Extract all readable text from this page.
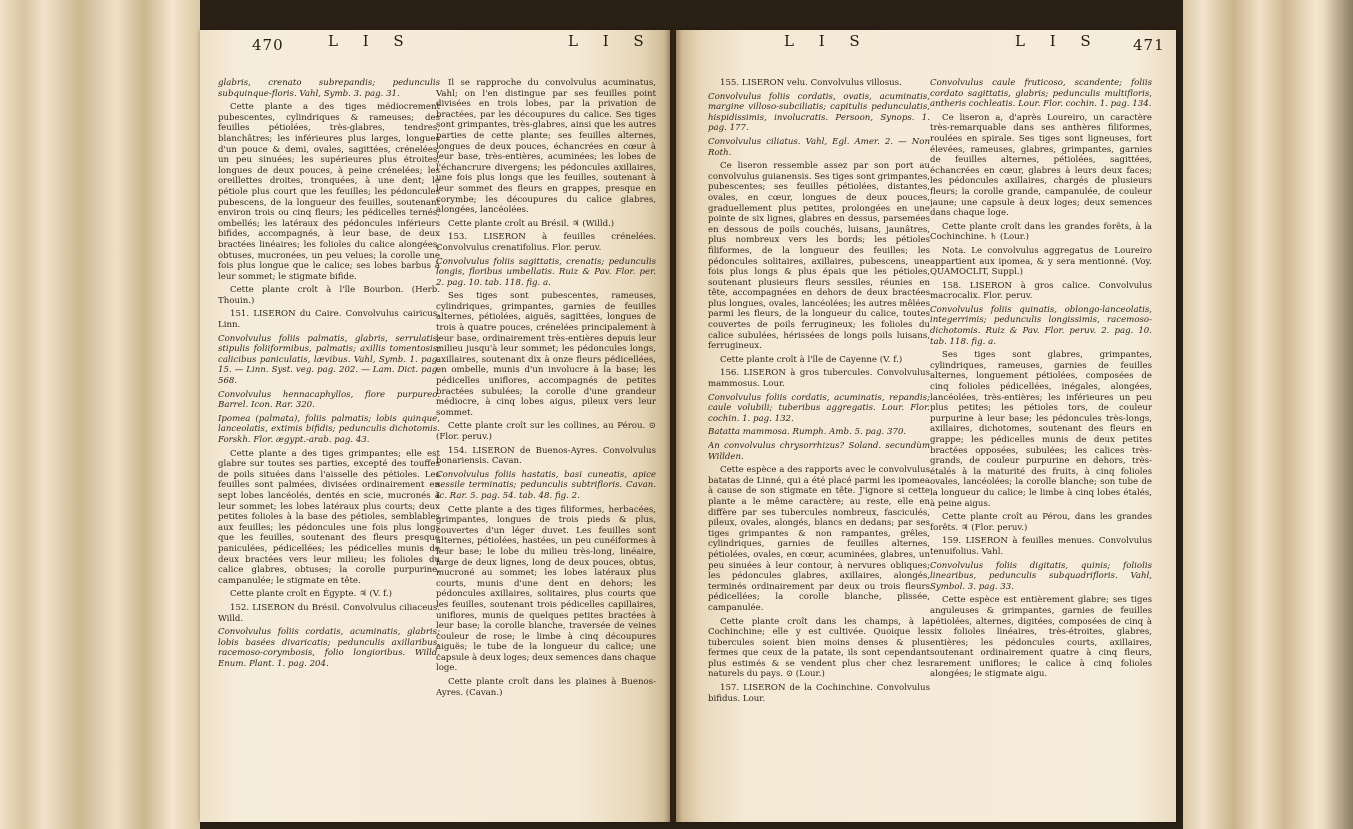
470	L I S	L I S	L I S	L I S 471

glabris, crenato subrepandis; pedunculis subquinque-floris. Vahl, Symb. 3. pag. 31.

Cette plante a des tiges médiocrement pubescentes, cylindriques & rameuses; des feuilles pétiolées, très-glabres, tendres, blanchâtres; les inférieures plus larges, longues d'un pouce & demi, ovales, sagittées, crénelées, un peu sinuées; les supérieures plus étroites, longues de deux pouces, à peine crénelées; les oreillettes droites, tronquées, à une dent; le pétiole plus court que les feuilles; les pédoncules pubescens, de la longueur des feuilles, soutenant environ trois ou cinq fleurs; les pédicelles ternés, ombellés; les latéraux des pédoncules inférieurs bifides, accompagnés, à leur base, de deux bractées linéaires; les folioles du calice alongées, obtuses, mucronées, un peu velues; la corolle une fois plus longue que le calice; ses lobes barbus à leur sommet; le stigmate bifide.

Cette plante croît à l'île Bourbon. (Herb. Thouin.)

151. LISERON du Caire. Convolvulus cairicus. Linn.

Convolvulus foliis palmatis, glabris, serrulatis; stipulis foliiformibus, palmatis; axillis tomentosis; calicibus paniculatis, lævibus. Vahl, Symb. 1. pag. 15. — Linn. Syst. veg. pag. 202. — Lam. Dict. pag. 568.

Convolvulus hennacaphyllos, flore purpureo. Barrel. Icon. Rar. 320.

Ipomea (palmata), foliis palmatis; lobis quinque, lanceolatis, extimis bifidis; pedunculis dichotomis. Forskh. Flor. ægypt.-arab. pag. 43.

Cette plante a des tiges grimpantes; elle est glabre sur toutes ses parties, excepté des touffes de poils situées dans l'aisselle des pétioles. Les feuilles sont palmées, divisées ordinairement en sept lobes lancéolés, dentés en scie, mucronés à leur sommet; les lobes latéraux plus courts; deux petites folioles à la base des pétioles, semblables aux feuilles; les pédoncules une fois plus longs que les feuilles, soutenant des fleurs presque paniculées, pédicellées; les pédicelles munis de deux bractées vers leur milieu; les folioles du calice glabres, obtuses; la corolle purpurine, campanulée; le stigmate en tête.

Cette plante croît en Égypte. ♃ (V. f.)

152. LISERON du Brésil. Convolvulus ciliaceus. Willd.

Convolvulus foliis cordatis, acuminatis, glabris; lobis basées divaricatis; pedunculis axillaribus, racemoso-corymbosis, folio longioribus. Willd. Enum. Plant. 1. pag. 204.

Il se rapproche du convolvulus acuminatus, Vahl; on l'en distingue par ses feuilles point divisées en trois lobes, par la privation de bractées, par les découpures du calice. Ses tiges sont grimpantes, très-glabres, ainsi que les autres parties de cette plante; ses feuilles alternes, longues de deux pouces, échancrées en cœur à leur base, très-entières, acuminées; les lobes de l'échancrure divergens; les pédoncules axillaires, une fois plus longs que les feuilles, soutenant à leur sommet des fleurs en grappes, presque en corymbe; les découpures du calice glabres, alongées, lancéolées.

Cette plante croît au Brésil. ♃ (Willd.)

153. LISERON à feuilles crénelées. Convolvulus crenatifolius. Flor. peruv.

Convolvulus foliis sagittatis, crenatis; pedunculis longis, floribus umbellatis. Ruiz & Pav. Flor. per. 2. pag. 10. tab. 118. fig. a.

Ses tiges sont pubescentes, rameuses, cylindriques, grimpantes, garnies de feuilles alternes, pétiolées, aiguës, sagittées, longues de trois à quatre pouces, crénelées principalement à leur base, ordinairement très-entières depuis leur milieu jusqu'à leur sommet; les pédoncules longs, axillaires, soutenant dix à onze fleurs pédicellées, en ombelle, munis d'un involucre à la base; les pédicelles uniflores, accompagnés de petites bractées subulées; la corolle d'une grandeur médiocre, à cinq lobes aigus, pileux vers leur sommet.

Cette plante croît sur les collines, au Pérou. ⊙ (Flor. peruv.)

154. LISERON de Buenos-Ayres. Convolvulus bonariensis. Cavan.

Convolvulus foliis hastatis, basi cuneatis, apice sessile terminatis; pedunculis subtrifloris. Cavan. Ic. Rar. 5. pag. 54. tab. 48. fig. 2.

Cette plante a des tiges filiformes, herbacées, grimpantes, longues de trois pieds & plus, couvertes d'un léger duvet. Les feuilles sont alternes, pétiolées, hastées, un peu cunéiformes à leur base; le lobe du milieu très-long, linéaire, large de deux lignes, long de deux pouces, obtus, mucroné au sommet; les lobes latéraux plus courts, munis d'une dent en dehors; les pédoncules axillaires, solitaires, plus courts que les feuilles, soutenant trois pédicelles capillaires, uniflores, munis de quelques petites bractées à leur base; la corolle blanche, traversée de veines couleur de rose; le limbe à cinq découpures aiguës; le tube de la longueur du calice; une capsule à deux loges; deux semences dans chaque loge.

Cette plante croît dans les plaines à Buenos-Ayres. (Cavan.)

155. LISERON velu. Convolvulus villosus.

Convolvulus foliis cordatis, ovatis, acuminatis, margine villoso-subciliatis; capitulis pedunculatis, hispidissimis, involucratis. Persoon, Synops. 1. pag. 177.

Convolvulus ciliatus. Vahl, Egl. Amer. 2. — Non Roth.

Ce liseron ressemble assez par son port au convolvulus guianensis. Ses tiges sont grimpantes, pubescentes; ses feuilles pétiolées, distantes, ovales, en cœur, longues de deux pouces, graduellement plus petites, prolongées en une pointe de six lignes, glabres en dessus, parsemées en dessous de poils couchés, luisans, jaunâtres, plus nombreux vers les bords; les pétioles filiformes, de la longueur des feuilles; les pédoncules solitaires, axillaires, pubescens, une fois plus longs & plus épais que les pétioles, soutenant plusieurs fleurs sessiles, réunies en tête, accompagnées en dehors de deux bractées plus longues, ovales, lancéolées; les autres mêlées parmi les fleurs, de la longueur du calice, toutes couvertes de poils ferrugineux; les folioles du calice subulées, hérissées de longs poils luisans, ferrugineux.

Cette plante croît à l'île de Cayenne (V. f.)

156. LISERON à gros tubercules. Convolvulus mammosus. Lour.

Convolvulus foliis cordatis, acuminatis, repandis; caule volubili; tuberibus aggregatis. Lour. Flor. cochin. 1. pag. 132.

Batatta mammosa. Rumph. Amb. 5. pag. 370.

An convolvulus chrysorrhizus? Soland. secundùm Willden.

Cette espèce a des rapports avec le convolvulus batatas de Linné, qui a été placé parmi les ipomea à cause de son stigmate en tête. J'ignore si cette plante a le même caractère; au reste, elle en diffère par ses tubercules nombreux, fasciculés, pileux, ovales, alongés, blancs en dedans; par ses tiges grimpantes & non rampantes, grêles, cylindriques, garnies de feuilles alternes, pétiolées, ovales, en cœur, acuminées, glabres, un peu sinuées à leur contour, à nervures obliques; les pédoncules glabres, axillaires, alongés, terminés ordinairement par deux ou trois fleurs pédicellées; la corolle blanche, plissée, campanulée.

Cette plante croît dans les champs, à la Cochinchine; elle y est cultivée. Quoique les tubercules soient bien moins denses & plus fermes que ceux de la patate, ils sont cependant plus estimés & se vendent plus cher chez les naturels du pays. ⊙ (Lour.)

157. LISERON de la Cochinchine. Convolvulus bifidus. Lour.

Convolvulus caule fruticoso, scandente; foliis cordato sagittatis, glabris; pedunculis multifloris, antheris cochleatis. Lour. Flor. cochin. 1. pag. 134.

Ce liseron a, d'après Loureiro, un caractère très-remarquable dans ses anthères filiformes, roulées en spirale. Ses tiges sont ligneuses, fort élevées, rameuses, glabres, grimpantes, garnies de feuilles alternes, pétiolées, sagittées, échancrées en cœur, glabres à leurs deux faces; les pédoncules axillaires, chargés de plusieurs fleurs; la corolle grande, campanulée, de couleur jaune; une capsule à deux loges; deux semences dans chaque loge.

Cette plante croît dans les grandes forêts, à la Cochinchine. ♄ (Lour.)

Nota. Le convolvulus aggregatus de Loureiro appartient aux ipomea, & y sera mentionné. (Voy. QUAMOCLIT, Suppl.)

158. LISERON à gros calice. Convolvulus macrocalix. Flor. peruv.

Convolvulus foliis quinatis, oblongo-lanceolatis, integerrimis; pedunculis longissimis, racemoso-dichotomis. Ruiz & Pav. Flor. peruv. 2. pag. 10. tab. 118. fig. a.

Ses tiges sont glabres, grimpantes, cylindriques, rameuses, garnies de feuilles alternes, longuement pétiolées, composées de cinq folioles pédicellées, inégales, alongées, lancéolées, très-entières; les inférieures un peu plus petites; les pétioles tors, de couleur purpurine à leur base; les pédoncules très-longs, axillaires, dichotomes, soutenant des fleurs en grappe; les pédicelles munis de deux petites bractées opposées, subulées; les calices très-grands, de couleur purpurine en dehors, très-étalés à la maturité des fruits, à cinq folioles ovales, lancéolées; la corolle blanche; son tube de la longueur du calice; le limbe à cinq lobes étalés, à peine aigus.

Cette plante croît au Pérou, dans les grandes forêts. ♃ (Flor. peruv.)

159. LISERON à feuilles menues. Convolvulus tenuifolius. Vahl.

Convolvulus foliis digitatis, quinis; foliolis linearibus, pedunculis subquadrifloris. Vahl, Symbol. 3. pag. 33.

Cette espèce est entièrement glabre; ses tiges anguleuses & grimpantes, garnies de feuilles pétiolées, alternes, digitées, composées de cinq à six folioles linéaires, très-étroites, glabres, entières; les pédoncules courts, axillaires, soutenant ordinairement quatre à cinq fleurs, rarement uniflores; le calice à cinq folioles alongées; le stigmate aigu.
